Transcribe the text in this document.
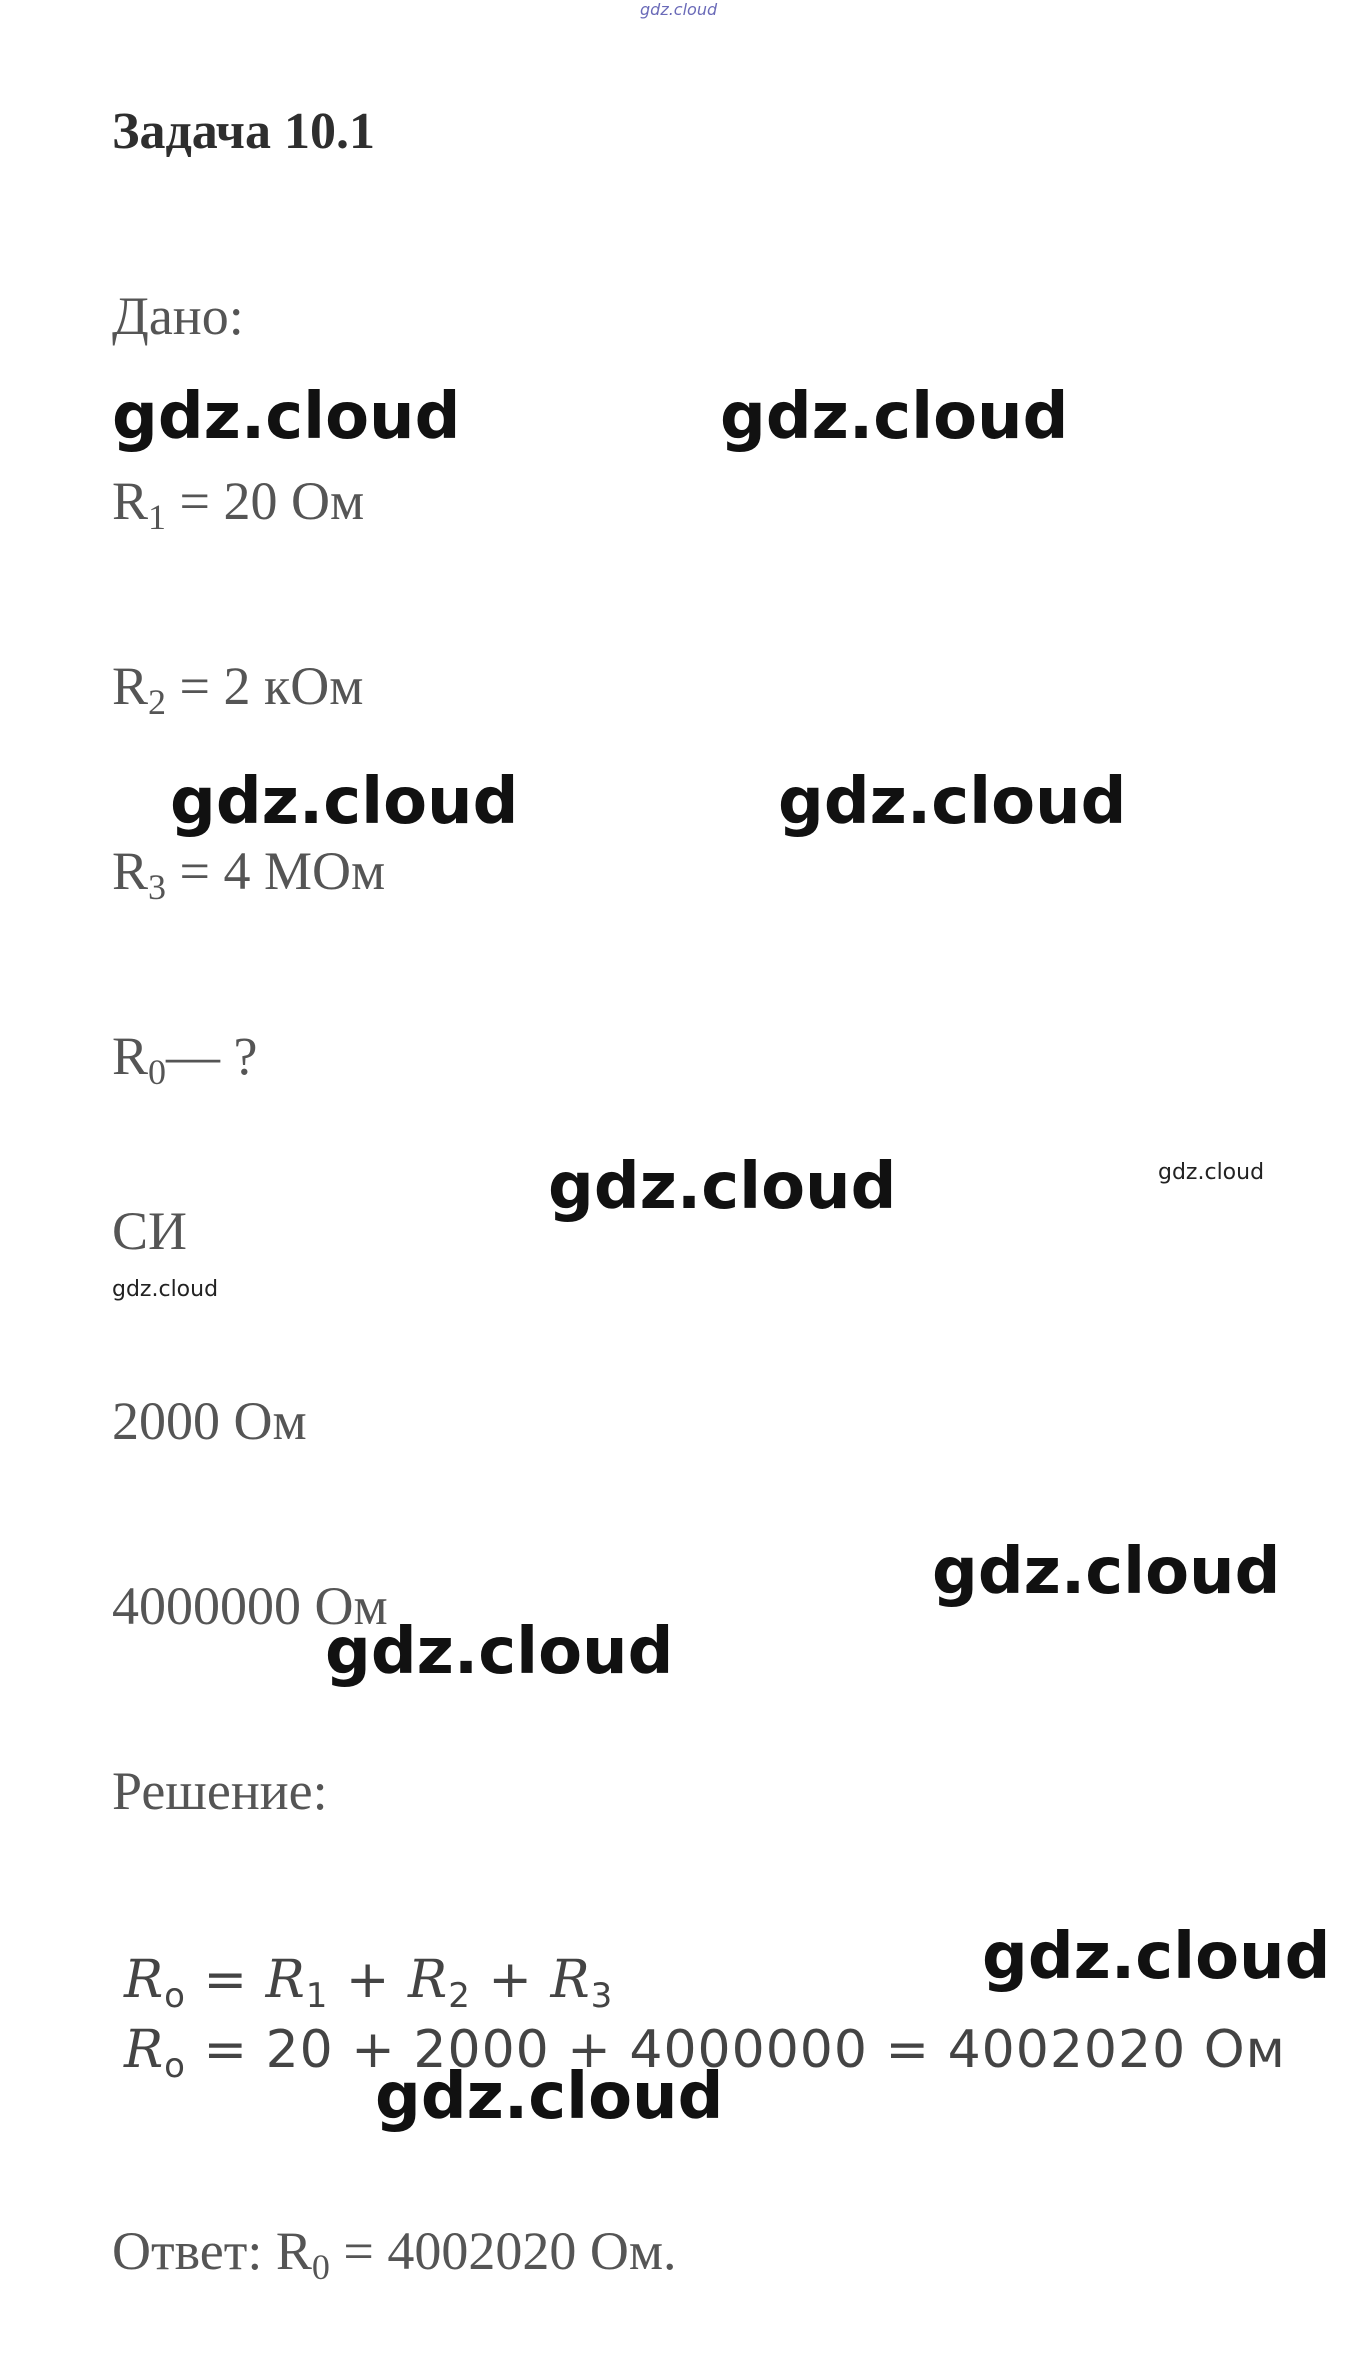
gdz.cloud
Задача 10.1
Дано:
$R_1 = 20$ Ом
$R_2 = 2$ кОм
$R_3 = 4$ МОм
$R_0—$ ?
СИ
2000 Ом
4000000 Ом
Решение:
$R_o = R_1 + R_2 + R_3$
$R_o = 20 + 2000 + 4000000 = 4002020$ Ом
Ответ: $R_0 = 4002020$ Ом.
gdz.cloud	gdz.cloud
gdz.cloud	gdz.cloud
gdz.cloud	gdz.cloud
gdz.cloud
gdz.cloud
gdz.cloud
gdz.cloud
gdz.cloud
